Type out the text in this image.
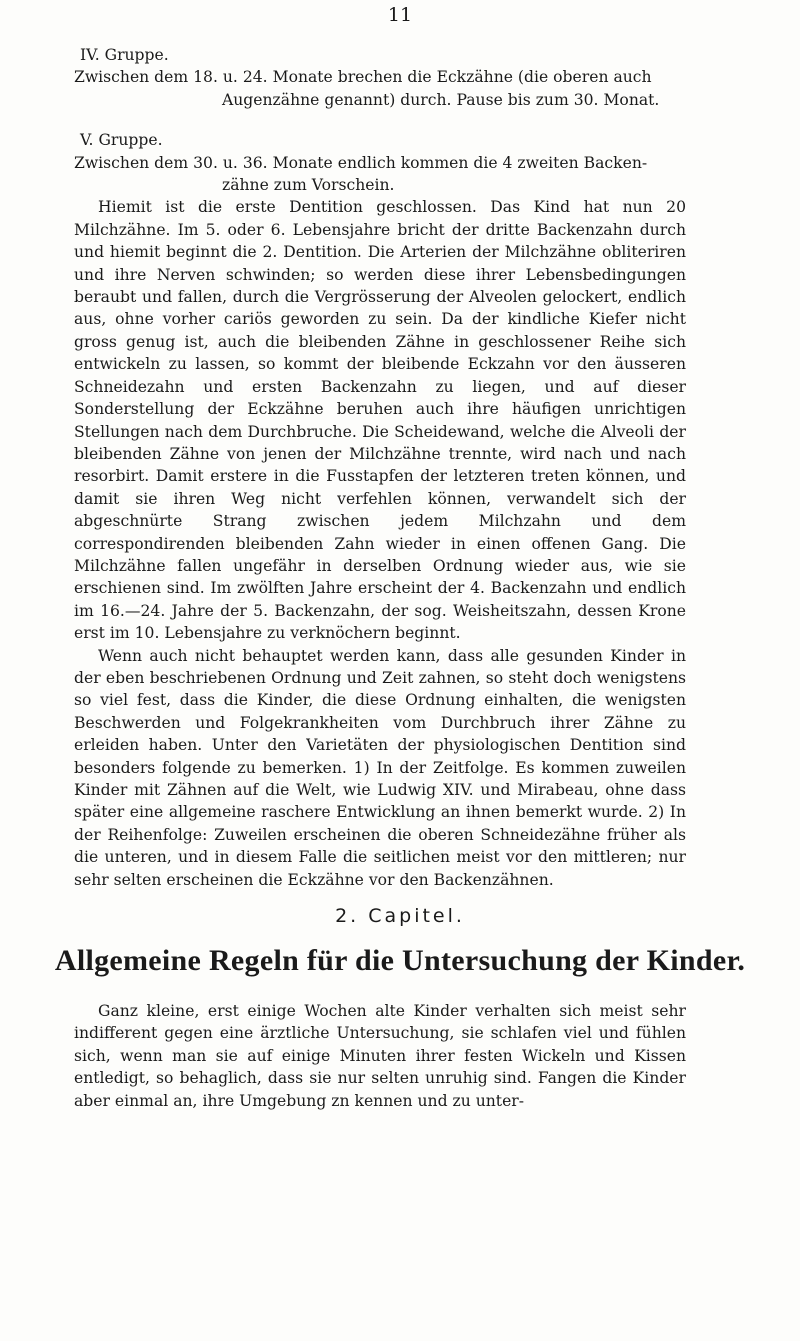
11

IV. Gruppe.

Zwischen dem 18. u. 24. Monate brechen die Eckzähne (die oberen auch

Augenzähne genannt) durch. Pause bis zum 30. Monat.

V. Gruppe.

Zwischen dem 30. u. 36. Monate endlich kommen die 4 zweiten Backen-

zähne zum Vorschein.

Hiemit ist die erste Dentition geschlossen. Das Kind hat nun 20 Milchzähne. Im 5. oder 6. Lebensjahre bricht der dritte Backenzahn durch und hiemit beginnt die 2. Dentition. Die Arterien der Milchzähne obliteriren und ihre Nerven schwinden; so werden diese ihrer Lebensbedingungen beraubt und fallen, durch die Vergrösserung der Alveolen gelockert, endlich aus, ohne vorher cariös geworden zu sein. Da der kindliche Kiefer nicht gross genug ist, auch die bleibenden Zähne in geschlossener Reihe sich entwickeln zu lassen, so kommt der bleibende Eckzahn vor den äusseren Schneidezahn und ersten Backenzahn zu liegen, und auf dieser Sonderstellung der Eckzähne beruhen auch ihre häufigen unrichtigen Stellungen nach dem Durchbruche. Die Scheidewand, welche die Alveoli der bleibenden Zähne von jenen der Milchzähne trennte, wird nach und nach resorbirt. Damit erstere in die Fusstapfen der letzteren treten können, und damit sie ihren Weg nicht verfehlen können, verwandelt sich der abgeschnürte Strang zwischen jedem Milchzahn und dem correspondirenden bleibenden Zahn wieder in einen offenen Gang. Die Milchzähne fallen ungefähr in derselben Ordnung wieder aus, wie sie erschienen sind. Im zwölften Jahre erscheint der 4. Backenzahn und endlich im 16.—24. Jahre der 5. Backenzahn, der sog. Weisheitszahn, dessen Krone erst im 10. Lebensjahre zu verknöchern beginnt.

Wenn auch nicht behauptet werden kann, dass alle gesunden Kinder in der eben beschriebenen Ordnung und Zeit zahnen, so steht doch wenigstens so viel fest, dass die Kinder, die diese Ordnung einhalten, die wenigsten Beschwerden und Folgekrankheiten vom Durchbruch ihrer Zähne zu erleiden haben. Unter den Varietäten der physiologischen Dentition sind besonders folgende zu bemerken. 1) In der Zeitfolge. Es kommen zuweilen Kinder mit Zähnen auf die Welt, wie Ludwig XIV. und Mirabeau, ohne dass später eine allgemeine raschere Entwicklung an ihnen bemerkt wurde. 2) In der Reihenfolge: Zuweilen erscheinen die oberen Schneidezähne früher als die unteren, und in diesem Falle die seitlichen meist vor den mittleren; nur sehr selten erscheinen die Eckzähne vor den Backenzähnen.

2. Capitel.
Allgemeine Regeln für die Untersuchung der Kinder.

Ganz kleine, erst einige Wochen alte Kinder verhalten sich meist sehr indifferent gegen eine ärztliche Untersuchung, sie schlafen viel und fühlen sich, wenn man sie auf einige Minuten ihrer festen Wickeln und Kissen entledigt, so behaglich, dass sie nur selten unruhig sind. Fangen die Kinder aber einmal an, ihre Umgebung zn kennen und zu unter-
